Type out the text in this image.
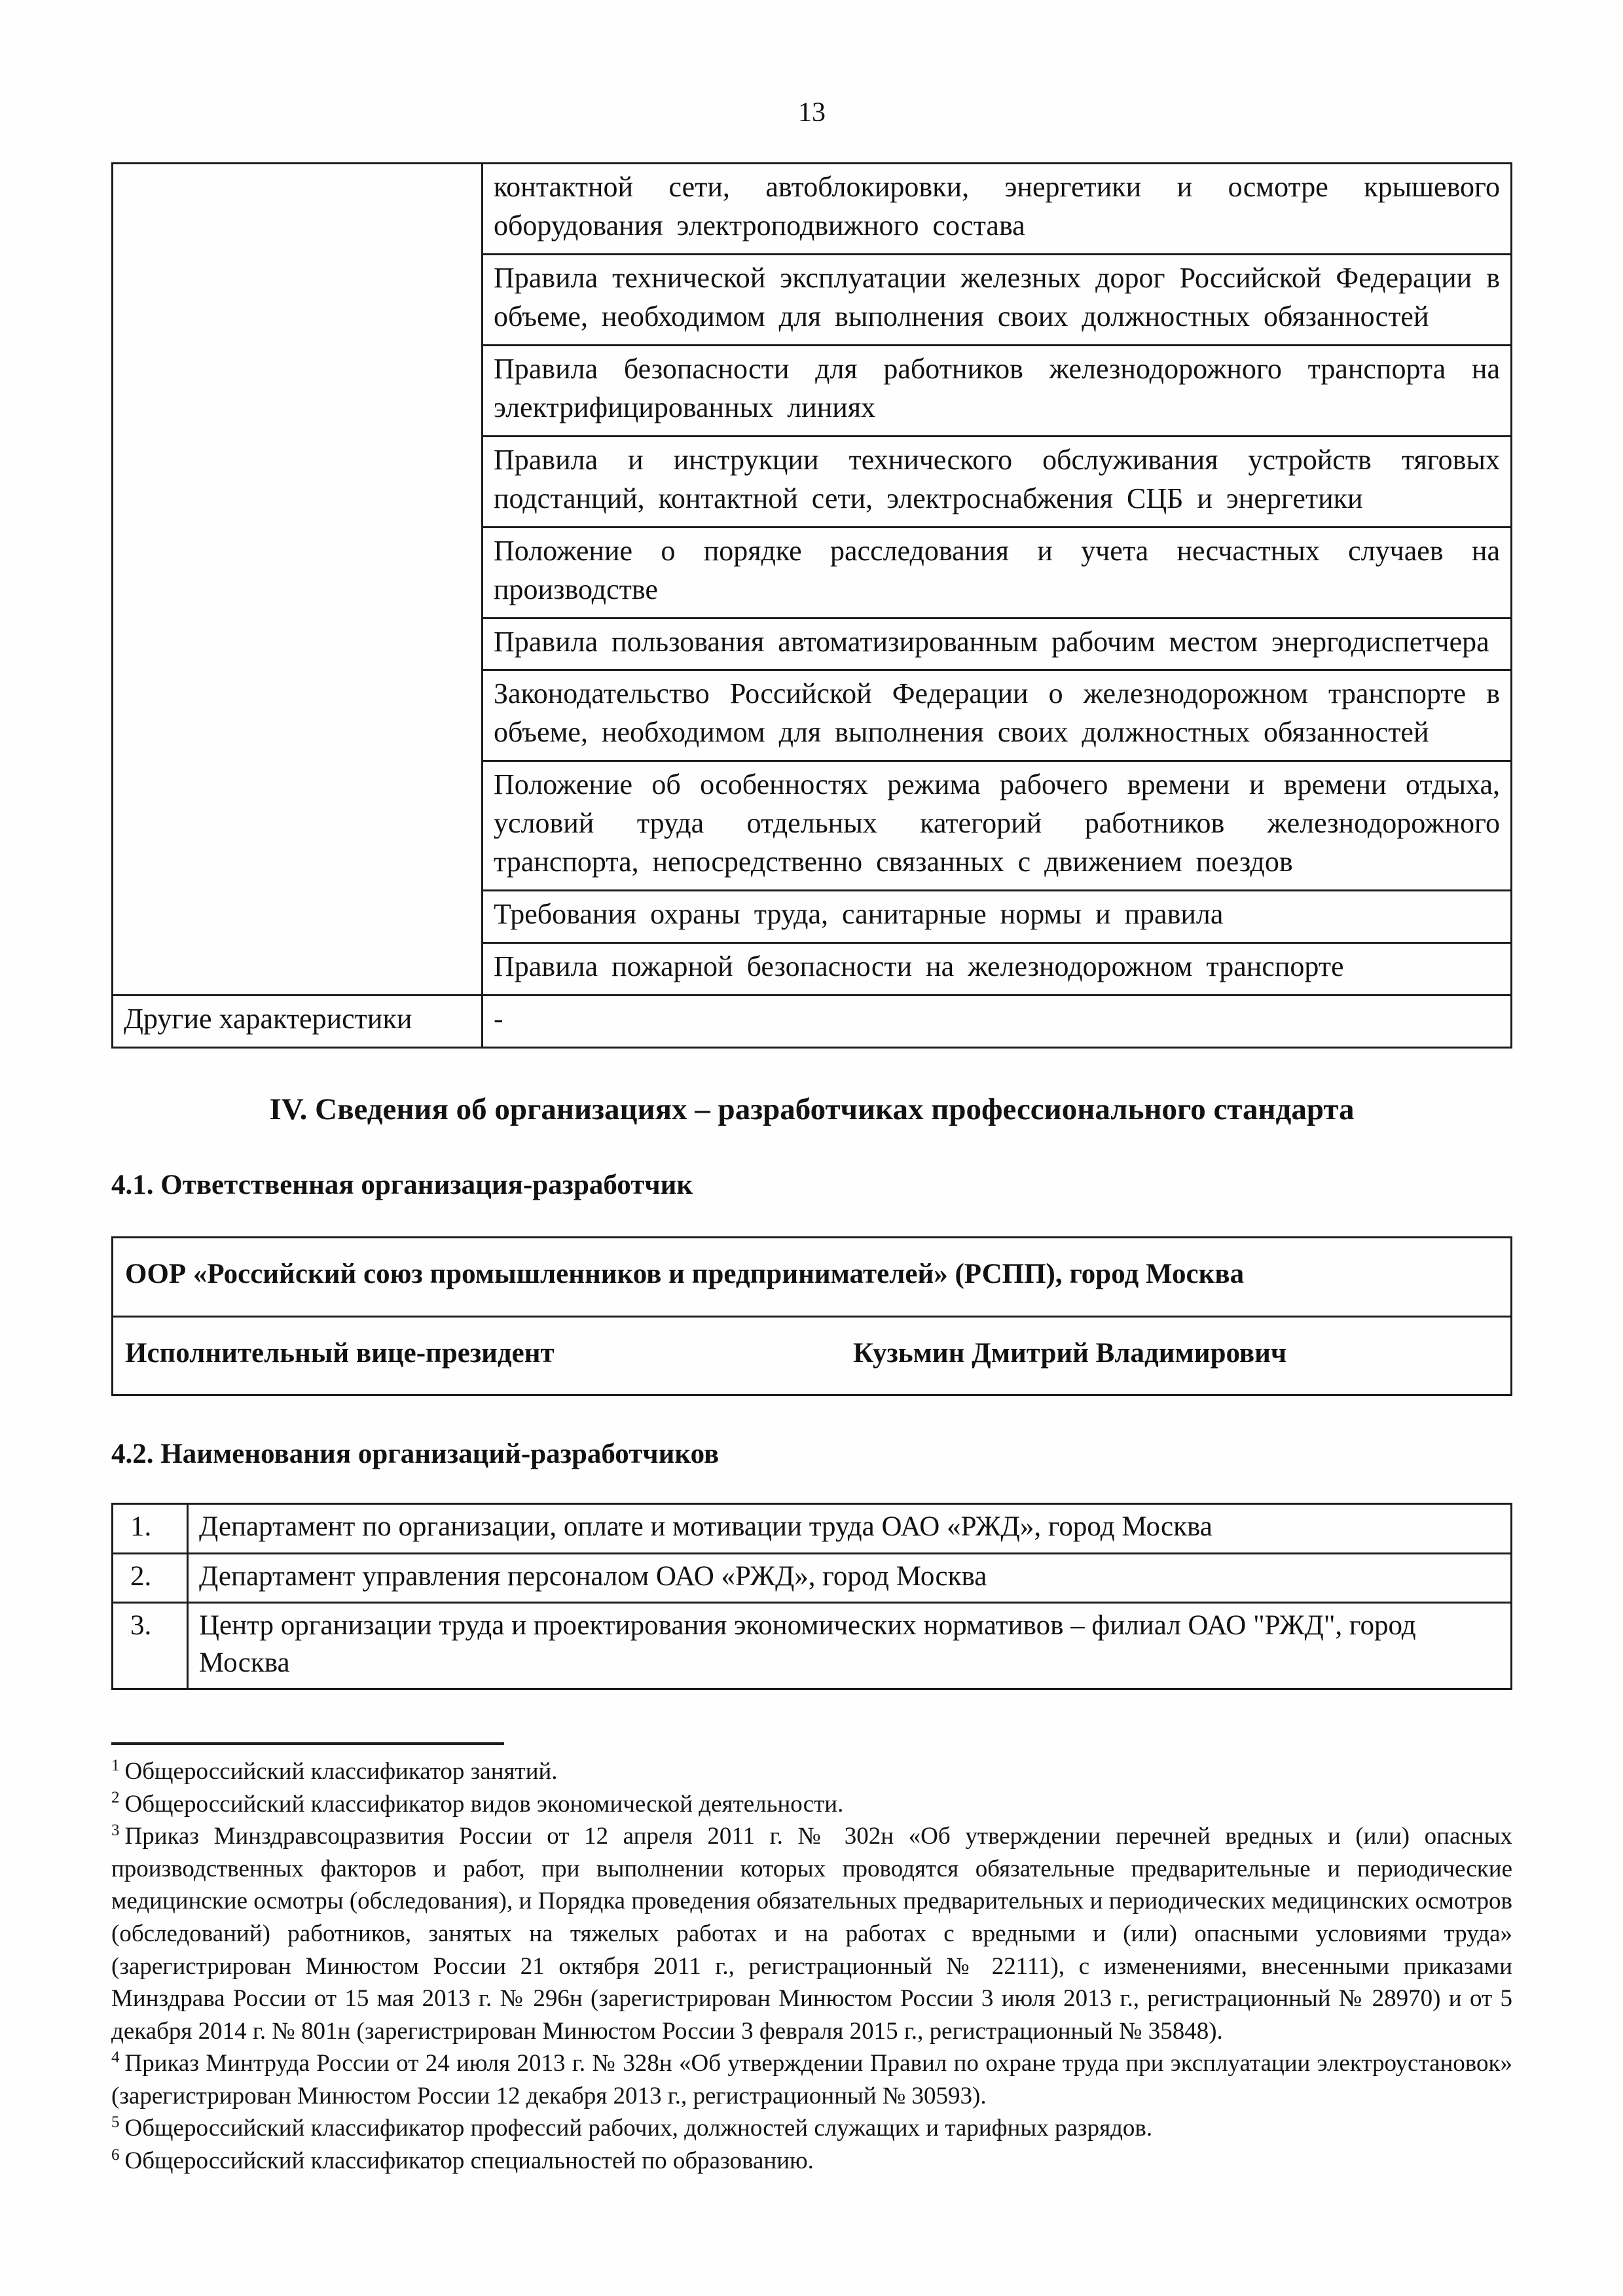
13
	контактной сети, автоблокировки, энергетики и осмотре крышевого оборудования электроподвижного состава
	Правила технической эксплуатации железных дорог Российской Федерации в объеме, необходимом для выполнения своих должностных обязанностей
	Правила безопасности для работников железнодорожного транспорта на электрифицированных линиях
	Правила и инструкции технического обслуживания устройств тяговых подстанций, контактной сети, электроснабжения СЦБ и энергетики
	Положение о порядке расследования и учета несчастных случаев на производстве
	Правила пользования автоматизированным рабочим местом энергодиспетчера
	Законодательство Российской Федерации о железнодорожном транспорте в объеме, необходимом для выполнения своих должностных обязанностей
	Положение об особенностях режима рабочего времени и времени отдыха, условий труда отдельных категорий работников железнодорожного транспорта, непосредственно связанных с движением поездов
	Требования охраны труда, санитарные нормы и правила
	Правила пожарной безопасности на железнодорожном транспорте
Другие характеристики	-
IV. Сведения об организациях – разработчиках профессионального стандарта
4.1. Ответственная организация-разработчик
ООР «Российский союз промышленников и предпринимателей» (РСПП), город Москва

Исполнительный вице-президент	Кузьмин Дмитрий Владимирович
4.2. Наименования организаций-разработчиков
1.	Департамент по организации, оплате и мотивации труда ОАО «РЖД», город Москва
2.	Департамент управления персоналом ОАО «РЖД», город Москва
3.	Центр организации труда и проектирования экономических нормативов – филиал ОАО "РЖД", город Москва
$^1$ Общероссийский классификатор занятий.
$^2$ Общероссийский классификатор видов экономической деятельности.
$^3$ Приказ Минздравсоцразвития России от 12 апреля 2011 г. № 302н «Об утверждении перечней вредных и (или) опасных производственных факторов и работ, при выполнении которых проводятся обязательные предварительные и периодические медицинские осмотры (обследования), и Порядка проведения обязательных предварительных и периодических медицинских осмотров (обследований) работников, занятых на тяжелых работах и на работах с вредными и (или) опасными условиями труда» (зарегистрирован Минюстом России 21 октября 2011 г., регистрационный № 22111), с изменениями, внесенными приказами Минздрава России от 15 мая 2013 г. № 296н (зарегистрирован Минюстом России 3 июля 2013 г., регистрационный № 28970) и от 5 декабря 2014 г. № 801н (зарегистрирован Минюстом России 3 февраля 2015 г., регистрационный № 35848).
$^4$ Приказ Минтруда России от 24 июля 2013 г. № 328н «Об утверждении Правил по охране труда при эксплуатации электроустановок» (зарегистрирован Минюстом России 12 декабря 2013 г., регистрационный № 30593).
$^5$ Общероссийский классификатор профессий рабочих, должностей служащих и тарифных разрядов.
$^6$ Общероссийский классификатор специальностей по образованию.
